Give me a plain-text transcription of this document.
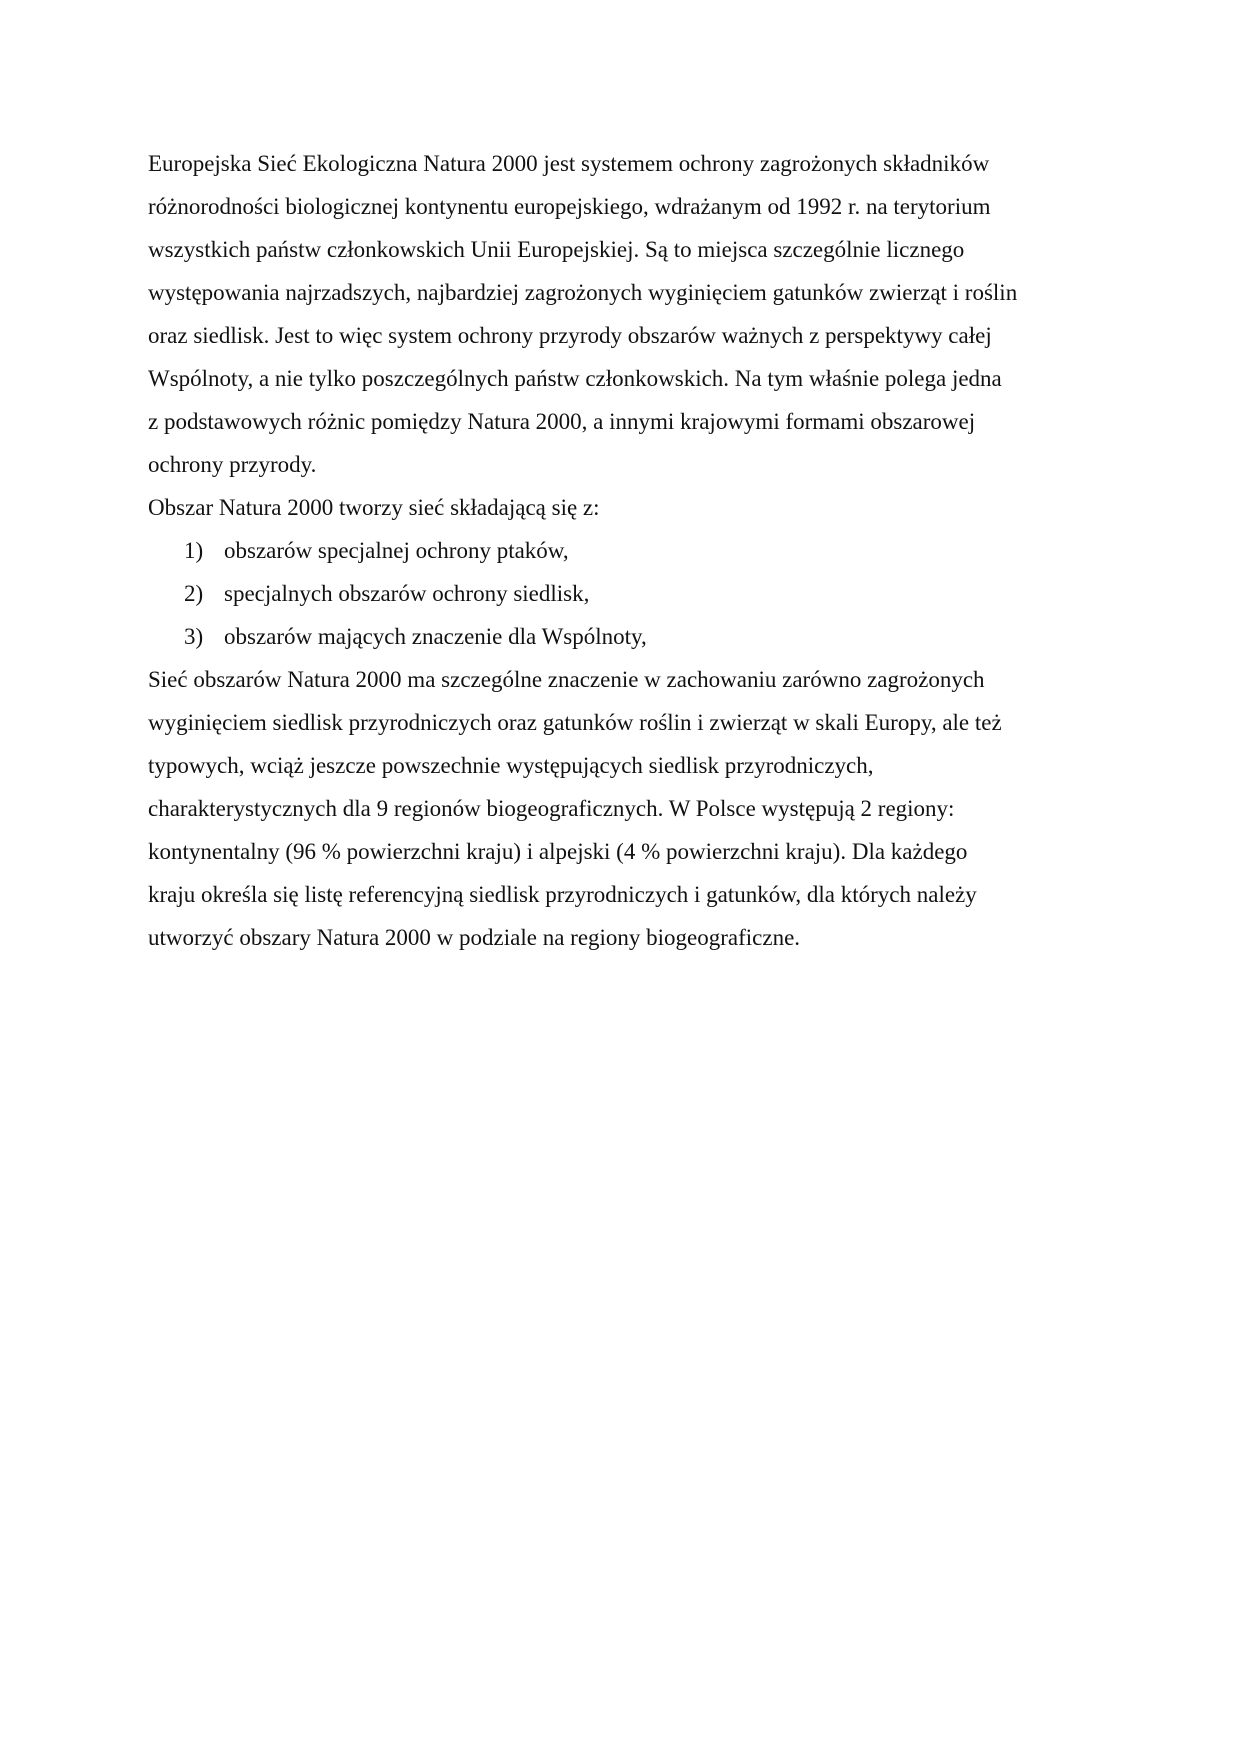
Europejska Sieć Ekologiczna Natura 2000 jest systemem ochrony zagrożonych składników
różnorodności biologicznej kontynentu europejskiego, wdrażanym od 1992 r. na terytorium
wszystkich państw członkowskich Unii Europejskiej. Są to miejsca szczególnie licznego
występowania najrzadszych, najbardziej zagrożonych wyginięciem gatunków zwierząt i roślin
oraz siedlisk. Jest to więc system ochrony przyrody obszarów ważnych z perspektywy całej
Wspólnoty, a nie tylko poszczególnych państw członkowskich. Na tym właśnie polega jedna
z podstawowych różnic pomiędzy Natura 2000, a innymi krajowymi formami obszarowej
ochrony przyrody.
Obszar Natura 2000 tworzy sieć składającą się z:
1) obszarów specjalnej ochrony ptaków,
2) specjalnych obszarów ochrony siedlisk,
3) obszarów mających znaczenie dla Wspólnoty,
Sieć obszarów Natura 2000 ma szczególne znaczenie w zachowaniu zarówno zagrożonych
wyginięciem siedlisk przyrodniczych oraz gatunków roślin i zwierząt w skali Europy, ale też
typowych, wciąż jeszcze powszechnie występujących siedlisk przyrodniczych,
charakterystycznych dla 9 regionów biogeograficznych. W Polsce występują 2 regiony:
kontynentalny (96 % powierzchni kraju) i alpejski (4 % powierzchni kraju). Dla każdego
kraju określa się listę referencyjną siedlisk przyrodniczych i gatunków, dla których należy
utworzyć obszary Natura 2000 w podziale na regiony biogeograficzne.
